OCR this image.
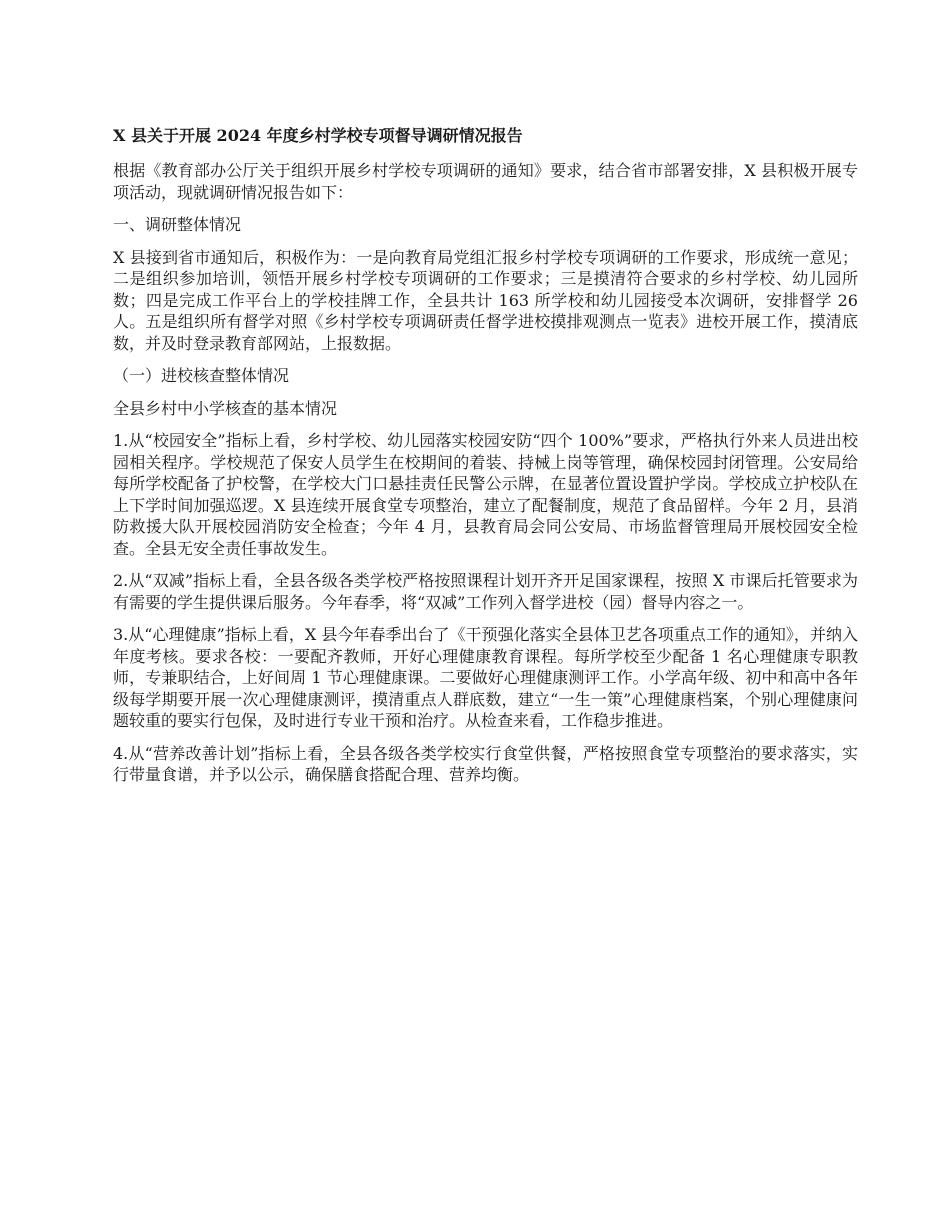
X 县关于开展 2024 年度乡村学校专项督导调研情况报告
根据《教育部办公厅关于组织开展乡村学校专项调研的通知》要求，结合省市部署安排，X 县积极开展专项活动，现就调研情况报告如下：
一、调研整体情况
X 县接到省市通知后，积极作为：一是向教育局党组汇报乡村学校专项调研的工作要求，形成统一意见；二是组织参加培训，领悟开展乡村学校专项调研的工作要求；三是摸清符合要求的乡村学校、幼儿园所数；四是完成工作平台上的学校挂牌工作，全县共计 163 所学校和幼儿园接受本次调研，安排督学 26 人。五是组织所有督学对照《乡村学校专项调研责任督学进校摸排观测点一览表》进校开展工作，摸清底数，并及时登录教育部网站，上报数据。
（一）进校核查整体情况
全县乡村中小学核查的基本情况
1.从“校园安全”指标上看，乡村学校、幼儿园落实校园安防“四个 100%”要求，严格执行外来人员进出校园相关程序。学校规范了保安人员学生在校期间的着装、持械上岗等管理，确保校园封闭管理。公安局给每所学校配备了护校警，在学校大门口悬挂责任民警公示牌，在显著位置设置护学岗。学校成立护校队在上下学时间加强巡逻。X 县连续开展食堂专项整治，建立了配餐制度，规范了食品留样。今年 2 月，县消防救援大队开展校园消防安全检查；今年 4 月，县教育局会同公安局、市场监督管理局开展校园安全检查。全县无安全责任事故发生。
2.从“双减”指标上看，全县各级各类学校严格按照课程计划开齐开足国家课程，按照 X 市课后托管要求为有需要的学生提供课后服务。今年春季，将“双减”工作列入督学进校（园）督导内容之一。
3.从“心理健康”指标上看，X 县今年春季出台了《干预强化落实全县体卫艺各项重点工作的通知》，并纳入年度考核。要求各校：一要配齐教师，开好心理健康教育课程。每所学校至少配备 1 名心理健康专职教师，专兼职结合，上好间周 1 节心理健康课。二要做好心理健康测评工作。小学高年级、初中和高中各年级每学期要开展一次心理健康测评，摸清重点人群底数，建立“一生一策”心理健康档案，个别心理健康问题较重的要实行包保，及时进行专业干预和治疗。从检查来看，工作稳步推进。
4.从“营养改善计划”指标上看，全县各级各类学校实行食堂供餐，严格按照食堂专项整治的要求落实，实行带量食谱，并予以公示，确保膳食搭配合理、营养均衡。
